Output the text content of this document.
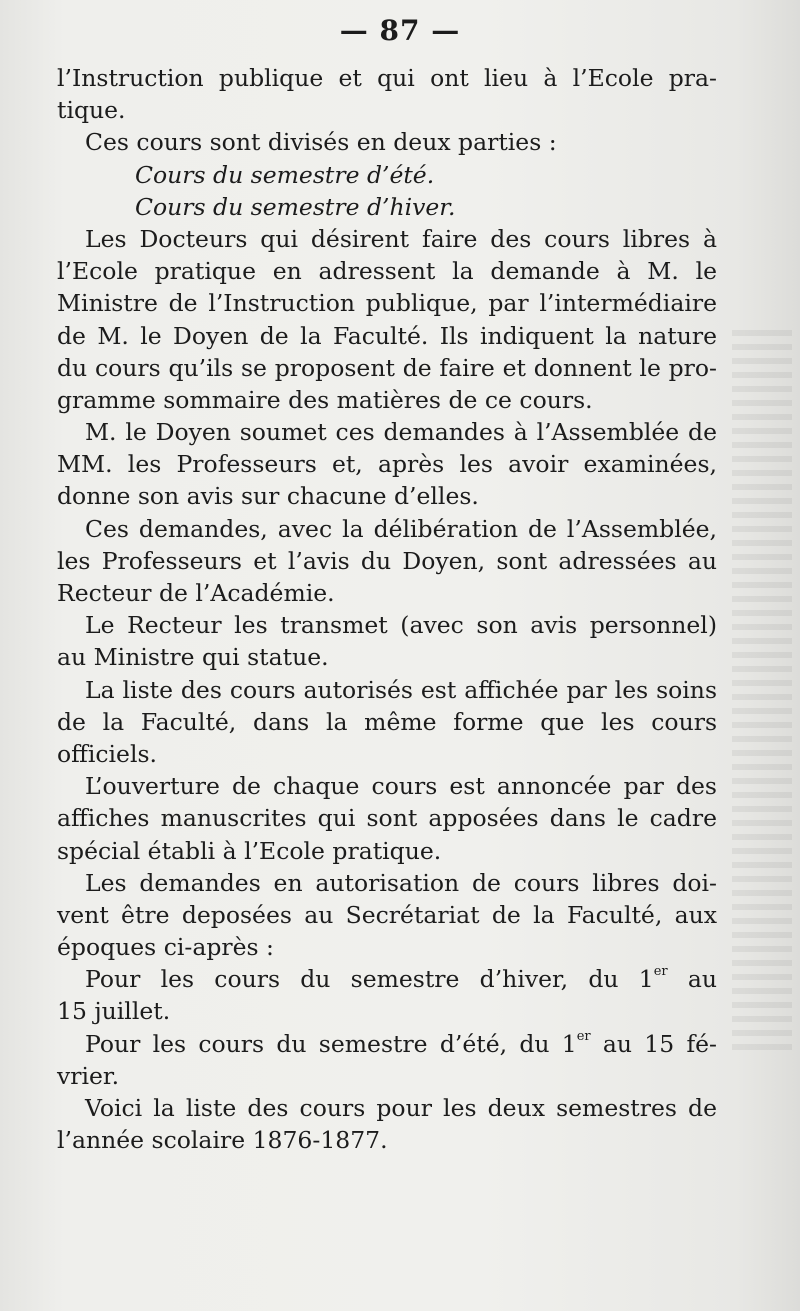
— 87 —
l’Instruction publique et qui ont lieu à l’Ecole pra-
tique.
Ces cours sont divisés en deux parties :
Cours du semestre d’été.
Cours du semestre d’hiver.
Les Docteurs qui désirent faire des cours libres à
l’Ecole pratique en adressent la demande à M. le
Ministre de l’Instruction publique, par l’intermédiaire
de M. le Doyen de la Faculté. Ils indiquent la nature
du cours qu’ils se proposent de faire et donnent le pro-
gramme sommaire des matières de ce cours.
M. le Doyen soumet ces demandes à l’Assemblée de
MM. les Professeurs et, après les avoir examinées,
donne son avis sur chacune d’elles.
Ces demandes, avec la délibération de l’Assemblée,
les Professeurs et l’avis du Doyen, sont adressées au
Recteur de l’Académie.
Le Recteur les transmet (avec son avis personnel)
au Ministre qui statue.
La liste des cours autorisés est affichée par les soins
de la Faculté, dans la même forme que les cours
officiels.
L’ouverture de chaque cours est annoncée par des
affiches manuscrites qui sont apposées dans le cadre
spécial établi à l’Ecole pratique.
Les demandes en autorisation de cours libres doi-
vent être deposées au Secrétariat de la Faculté, aux
époques ci-après :
Pour les cours du semestre d’hiver, du 1er au
15 juillet.
Pour les cours du semestre d’été, du 1er au 15 fé-
vrier.
Voici la liste des cours pour les deux semestres de
l’année scolaire 1876-1877.
